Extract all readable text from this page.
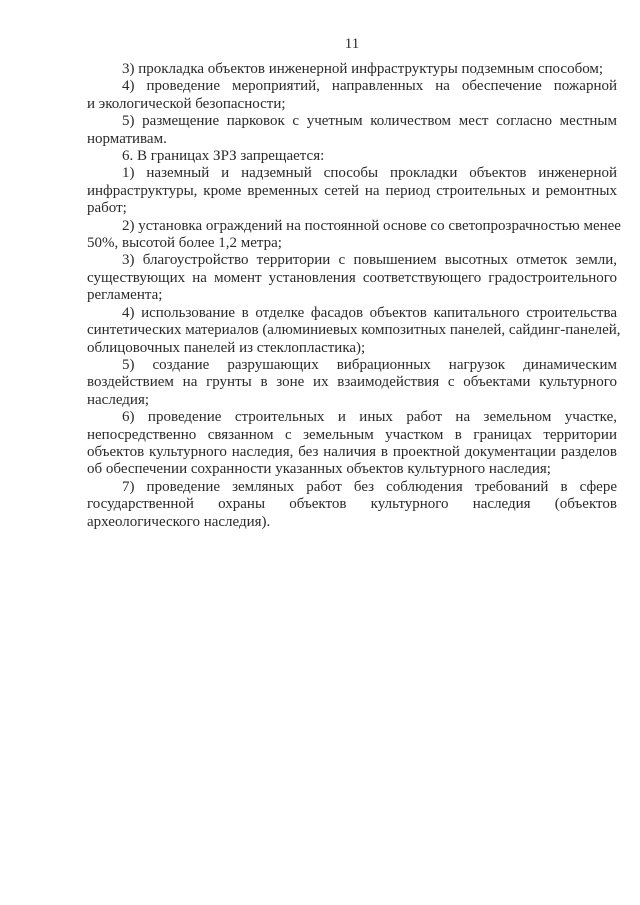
11
3) прокладка объектов инженерной инфраструктуры подземным способом;
4) проведение мероприятий, направленных на обеспечение пожарной
и экологической безопасности;
5) размещение парковок с учетным количеством мест согласно местным
нормативам.
6. В границах ЗРЗ запрещается:
1) наземный и надземный способы прокладки объектов инженерной
инфраструктуры, кроме временных сетей на период строительных и ремонтных
работ;
2) установка ограждений на постоянной основе со светопрозрачностью менее
50%, высотой более 1,2 метра;
3) благоустройство территории с повышением высотных отметок земли,
существующих на момент установления соответствующего градостроительного
регламента;
4) использование в отделке фасадов объектов капитального строительства
синтетических материалов (алюминиевых композитных панелей, сайдинг-панелей,
облицовочных панелей из стеклопластика);
5) создание разрушающих вибрационных нагрузок динамическим
воздействием на грунты в зоне их взаимодействия с объектами культурного
наследия;
6) проведение строительных и иных работ на земельном участке,
непосредственно связанном с земельным участком в границах территории
объектов культурного наследия, без наличия в проектной документации разделов
об обеспечении сохранности указанных объектов культурного наследия;
7) проведение земляных работ без соблюдения требований в сфере
государственной охраны объектов культурного наследия (объектов
археологического наследия).
